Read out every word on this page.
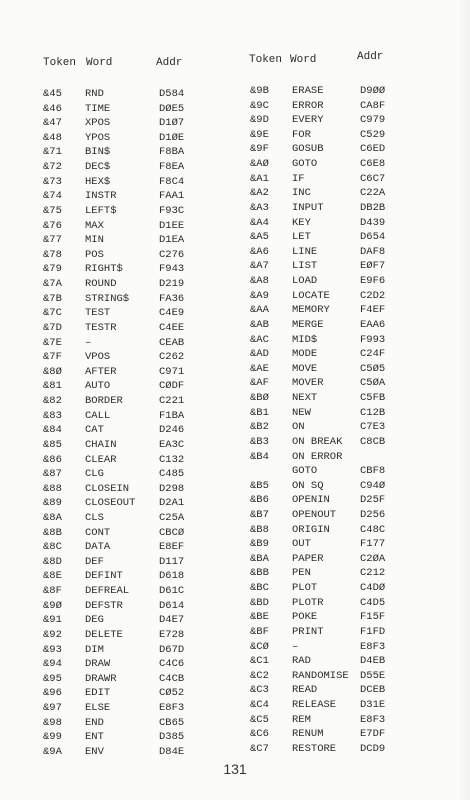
Token Word	Addr
&45 RND	D584
&46 TIME	DØE5
&47 XPOS	D1Ø7
&48 YPOS	D1ØE
&71 BIN$	F8BA
&72 DEC$	F8EA
&73 HEX$	F8C4
&74 INSTR	FAA1
&75 LEFT$	F93C
&76 MAX	D1EE
&77 MIN	D1EA
&78 POS	C276
&79 RIGHT$	F943
&7A ROUND	D219
&7B STRING$	FA36
&7C TEST	C4E9
&7D TESTR	C4EE
&7E –	CEAB
&7F VPOS	C262
&8Ø AFTER	C971
&81 AUTO	CØDF
&82 BORDER	C221
&83 CALL	F1BA
&84 CAT	D246
&85 CHAIN	EA3C
&86 CLEAR	C132
&87 CLG	C485
&88 CLOSEIN	D298
&89 CLOSEOUT D2A1
&8A CLS	C25A
&8B CONT	CBCØ
&8C DATA	E8EF
&8D DEF	D117
&8E DEFINT	D618
&8F DEFREAL	D61C
&9Ø DEFSTR	D614
&91 DEG	D4E7
&92 DELETE	E728
&93 DIM	D67D
&94 DRAW	C4C6
&95 DRAWR	C4CB
&96 EDIT	CØ52
&97 ELSE	E8F3
&98 END	CB65
&99 ENT	D385
&9A ENV	D84E
Token Word	Addr
&9B ERASE	D9ØØ
&9C ERROR	CA8F
&9D EVERY	C979
&9E FOR	C529
&9F GOSUB	C6ED
&AØ GOTO	C6E8
&A1 IF	C6C7
&A2 INC	C22A
&A3 INPUT	DB2B
&A4 KEY	D439
&A5 LET	D654
&A6 LINE	DAF8
&A7 LIST	EØF7
&A8 LOAD	E9F6
&A9 LOCATE	C2D2
&AA MEMORY	F4EF
&AB MERGE	EAA6
&AC MID$	F993
&AD MODE	C24F
&AE MOVE	C5Ø5
&AF MOVER	C5ØA
&BØ NEXT	C5FB
&B1 NEW	C12B
&B2 ON	C7E3
&B3 ON BREAK C8CB
&B4 ON ERROR
GOTO	CBF8
&B5 ON SQ	C94Ø
&B6 OPENIN	D25F
&B7 OPENOUT D256
&B8 ORIGIN	C48C
&B9 OUT	F177
&BA PAPER	C2ØA
&BB PEN	C212
&BC PLOT	C4DØ
&BD PLOTR	C4D5
&BE POKE	F15F
&BF PRINT	F1FD
&CØ –	E8F3
&C1 RAD	D4EB
&C2 RANDOMISE D55E
&C3 READ	DCEB
&C4 RELEASE D31E
&C5 REM	E8F3
&C6 RENUM	E7DF
&C7 RESTORE DCD9
131
